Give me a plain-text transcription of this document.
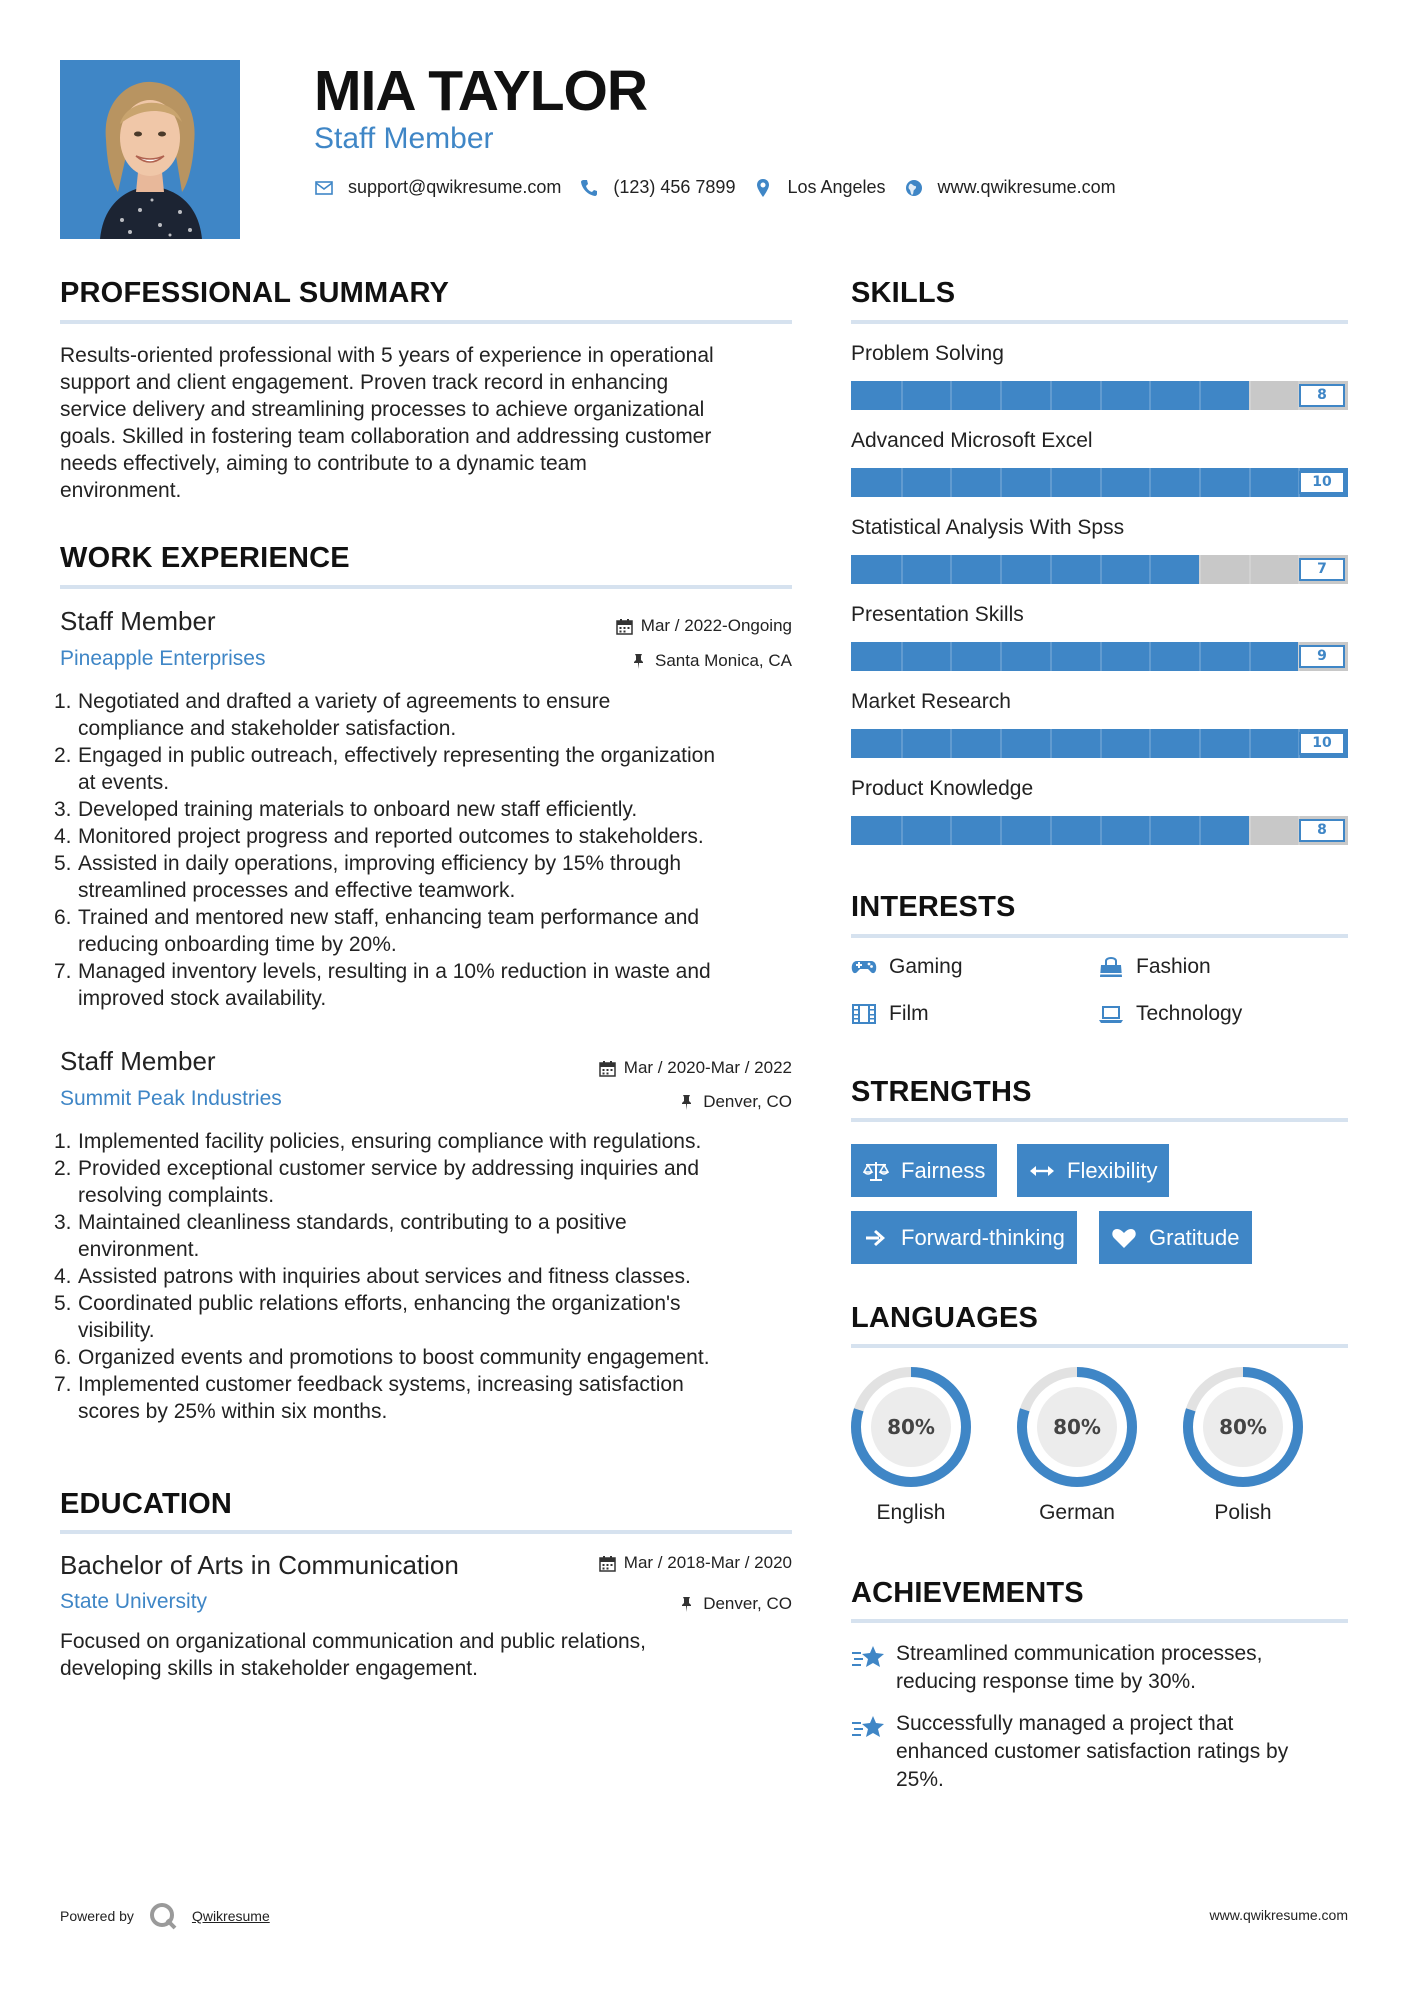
MIA TAYLOR
Staff Member
support@qwikresume.com	(123) 456 7899	Los Angeles	www.qwikresume.com
PROFESSIONAL SUMMARY
Results-oriented professional with 5 years of experience in operational
support and client engagement. Proven track record in enhancing
service delivery and streamlining processes to achieve organizational
goals. Skilled in fostering team collaboration and addressing customer
needs effectively, aiming to contribute to a dynamic team
environment.
WORK EXPERIENCE
Staff Member	Mar / 2022-Ongoing
Pineapple Enterprises	Santa Monica, CA
1. Negotiated and drafted a variety of agreements to ensure
compliance and stakeholder satisfaction.
2. Engaged in public outreach, effectively representing the organization
at events.
3. Developed training materials to onboard new staff efficiently.
4. Monitored project progress and reported outcomes to stakeholders.
5. Assisted in daily operations, improving efficiency by 15% through
streamlined processes and effective teamwork.
6. Trained and mentored new staff, enhancing team performance and
reducing onboarding time by 20%.
7. Managed inventory levels, resulting in a 10% reduction in waste and
improved stock availability.
Staff Member	Mar / 2020-Mar / 2022
Summit Peak Industries	Denver, CO
1. Implemented facility policies, ensuring compliance with regulations.
2. Provided exceptional customer service by addressing inquiries and
resolving complaints.
3. Maintained cleanliness standards, contributing to a positive
environment.
4. Assisted patrons with inquiries about services and fitness classes.
5. Coordinated public relations efforts, enhancing the organization's
visibility.
6. Organized events and promotions to boost community engagement.
7. Implemented customer feedback systems, increasing satisfaction
scores by 25% within six months.
EDUCATION
Bachelor of Arts in Communication	Mar / 2018-Mar / 2020
State University	Denver, CO
Focused on organizational communication and public relations,
developing skills in stakeholder engagement.
SKILLS
Problem Solving
8
Advanced Microsoft Excel
10
Statistical Analysis With Spss
7
Presentation Skills
9
Market Research
10
Product Knowledge
8
INTERESTS
Gaming	Fashion
Film	Technology
STRENGTHS
Fairness	Flexibility
Forward-thinking	Gratitude
LANGUAGES
80%
English
80%
German
80%
Polish
ACHIEVEMENTS
Streamlined communication processes,
reducing response time by 30%.
Successfully managed a project that
enhanced customer satisfaction ratings by
25%.
Powered by	Qwikresume	www.qwikresume.com
